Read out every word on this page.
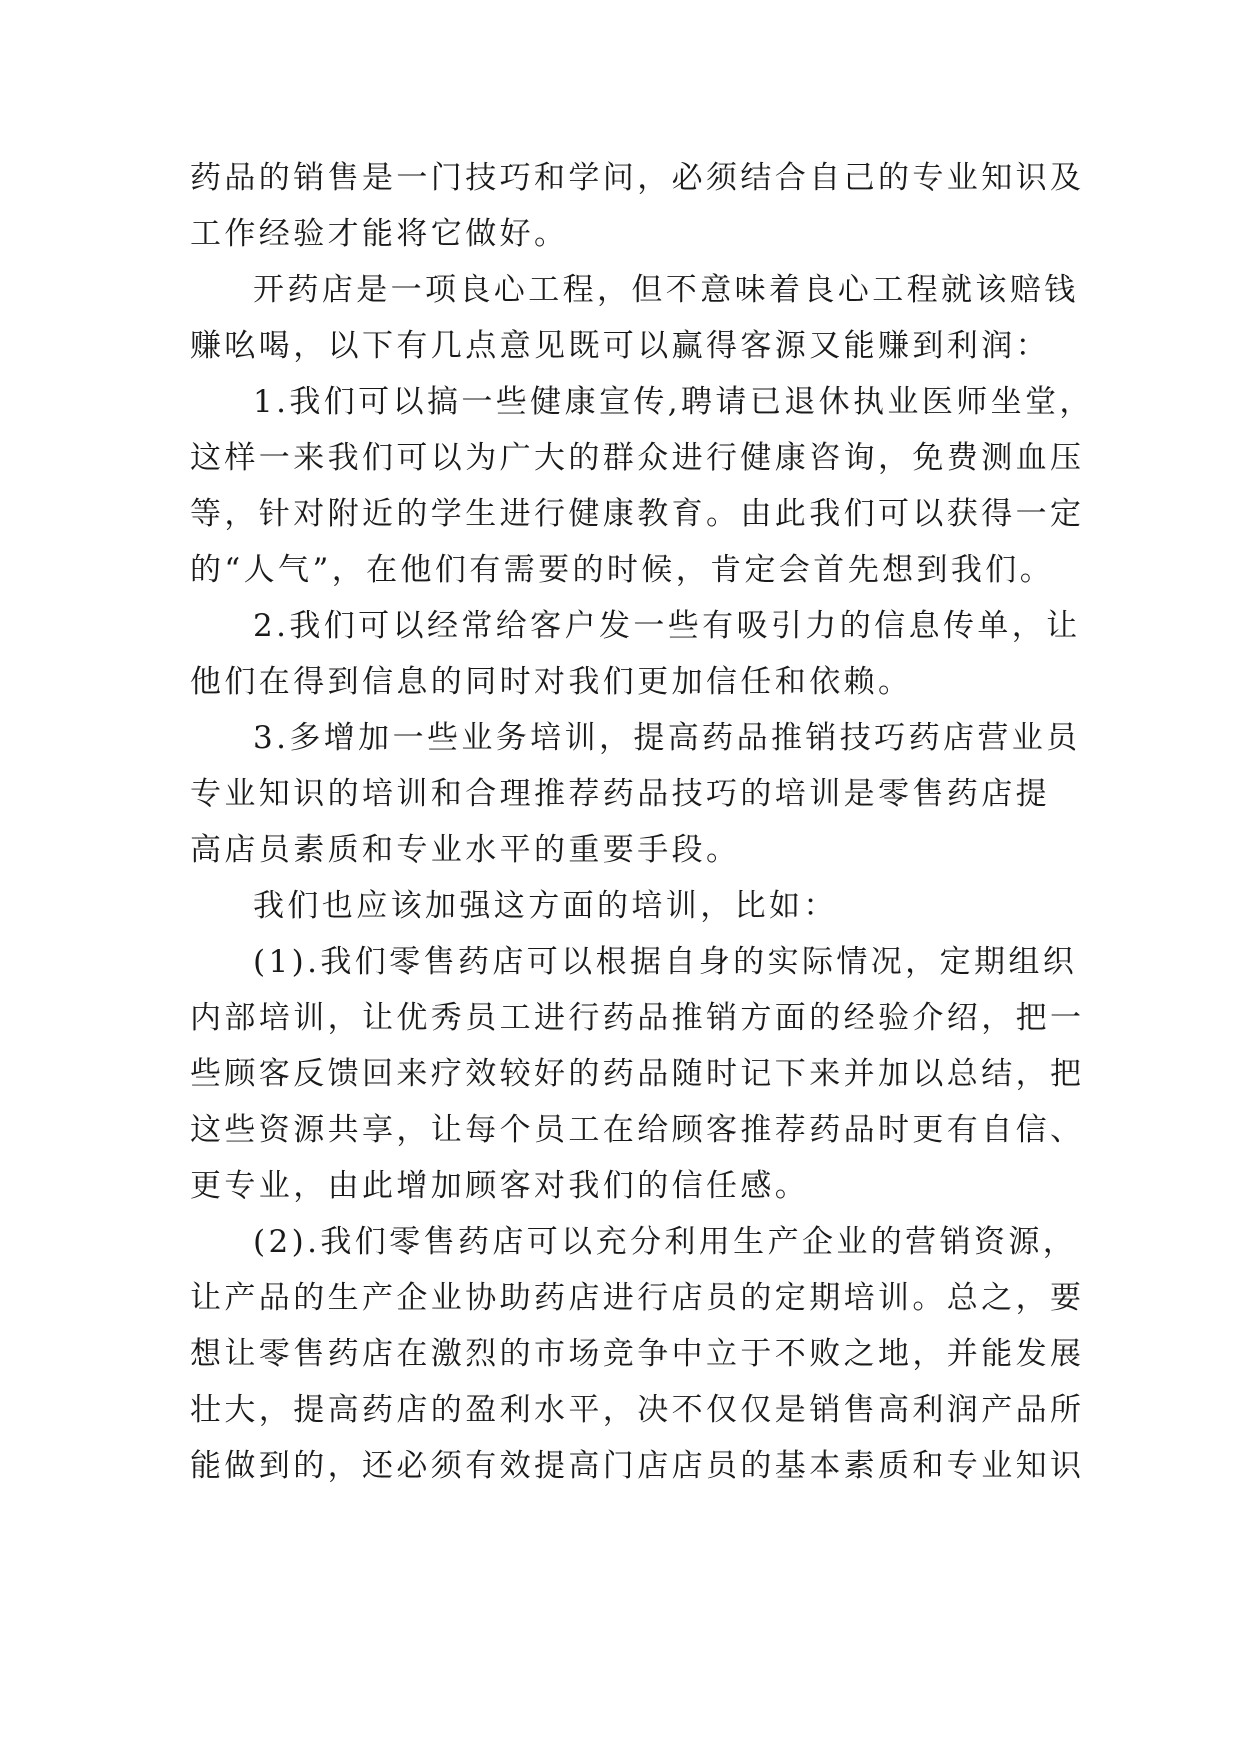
药品的销售是一门技巧和学问，必须结合自己的专业知识及
工作经验才能将它做好。
开药店是一项良心工程，但不意味着良心工程就该赔钱
赚吆喝，以下有几点意见既可以赢得客源又能赚到利润：
1.我们可以搞一些健康宣传,聘请已退休执业医师坐堂，
这样一来我们可以为广大的群众进行健康咨询，免费测血压
等，针对附近的学生进行健康教育。由此我们可以获得一定
的“人气”，在他们有需要的时候，肯定会首先想到我们。
2.我们可以经常给客户发一些有吸引力的信息传单，让
他们在得到信息的同时对我们更加信任和依赖。
3.多增加一些业务培训，提高药品推销技巧药店营业员
专业知识的培训和合理推荐药品技巧的培训是零售药店提
高店员素质和专业水平的重要手段。
我们也应该加强这方面的培训，比如：
(1).我们零售药店可以根据自身的实际情况，定期组织
内部培训，让优秀员工进行药品推销方面的经验介绍，把一
些顾客反馈回来疗效较好的药品随时记下来并加以总结，把
这些资源共享，让每个员工在给顾客推荐药品时更有自信、
更专业，由此增加顾客对我们的信任感。
(2).我们零售药店可以充分利用生产企业的营销资源，
让产品的生产企业协助药店进行店员的定期培训。总之，要
想让零售药店在激烈的市场竞争中立于不败之地，并能发展
壮大，提高药店的盈利水平，决不仅仅是销售高利润产品所
能做到的，还必须有效提高门店店员的基本素质和专业知识
